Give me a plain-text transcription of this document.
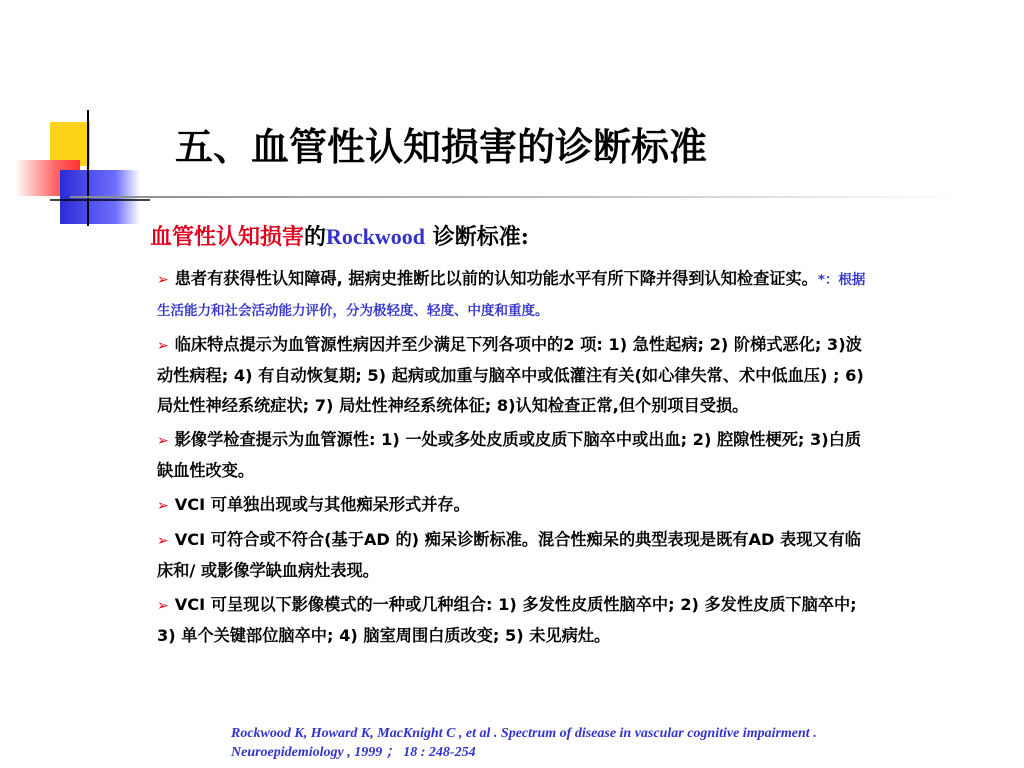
五、血管性认知损害的诊断标准
血管性认知损害的Rockwood 诊断标准:
➢ 患者有获得性认知障碍, 据病史推断比以前的认知功能水平有所下降并得到认知检查证实。*：根据生活能力和社会活动能力评价，分为极轻度、轻度、中度和重度。
➢ 临床特点提示为血管源性病因并至少满足下列各项中的2 项: 1) 急性起病; 2) 阶梯式恶化; 3)波动性病程; 4) 有自动恢复期; 5) 起病或加重与脑卒中或低灌注有关(如心律失常、术中低血压) ; 6)局灶性神经系统症状; 7) 局灶性神经系统体征; 8)认知检查正常,但个别项目受损。
➢ 影像学检查提示为血管源性: 1) 一处或多处皮质或皮质下脑卒中或出血; 2) 腔隙性梗死; 3)白质缺血性改变。
➢ VCI 可单独出现或与其他痴呆形式并存。
➢ VCI 可符合或不符合(基于AD 的) 痴呆诊断标准。混合性痴呆的典型表现是既有AD 表现又有临床和/ 或影像学缺血病灶表现。
➢ VCI 可呈现以下影像模式的一种或几种组合: 1) 多发性皮质性脑卒中; 2) 多发性皮质下脑卒中; 3) 单个关键部位脑卒中; 4) 脑室周围白质改变; 5) 未见病灶。
Rockwood K, Howard K, MacKnight C , et al . Spectrum of disease in vascular cognitive impairment .
Neuroepidemiology , 1999 ； 18 : 248-254
